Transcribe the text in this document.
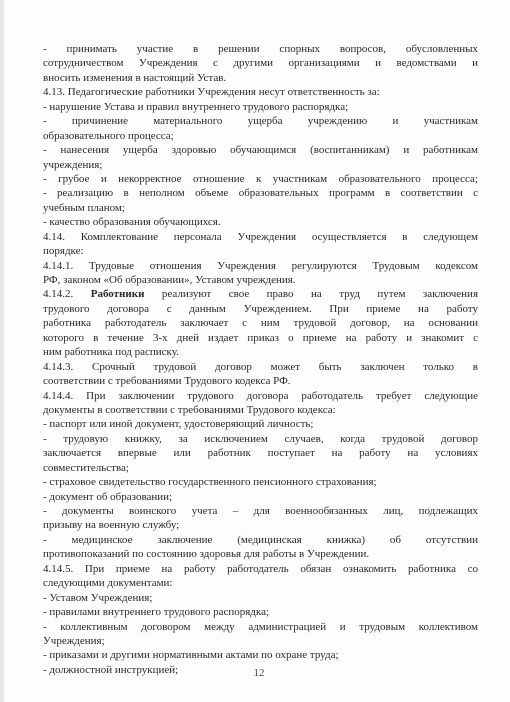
- принимать участие в решении спорных вопросов, обусловленных
сотрудничеством Учреждения с другими организациями и ведомствами и
вносить изменения в настоящий Устав.
4.13. Педагогические работники Учреждения несут ответственность за:
- нарушение Устава и правил внутреннего трудового распорядка;
- причинение материального ущерба учреждению и участникам
образовательного процесса;
- нанесения ущерба здоровью обучающимся (воспитанникам) и работникам
учреждения;
- грубое и некорректное отношение к участникам образовательного процесса;
- реализацию в неполном объеме образовательных программ в соответствии с
учебным планом;
- качество образования обучающихся.
4.14. Комплектование персонала Учреждения осуществляется в следующем
порядке:
4.14.1. Трудовые отношения Учреждения регулируются Трудовым кодексом
РФ, законом «Об образовании», Уставом учреждения.
4.14.2. Работники реализуют свое право на труд путем заключения
трудового договора с данным Учреждением. При приеме на работу
работника работодатель заключает с ним трудовой договор, на основании
которого в течение 3-х дней издает приказ о приеме на работу и знакомит с
ним работника под расписку.
4.14.3. Срочный трудовой договор может быть заключен только в
соответствии с требованиями Трудового кодекса РФ.
4.14.4. При заключении трудового договора работодатель требует следующие
документы в соответствии с требованиями Трудового кодекса:
- паспорт или иной документ, удостоверяющий личность;
- трудовую книжку, за исключением случаев, когда трудовой договор
заключается впервые или работник поступает на работу на условиях
совместительства;
- страховое свидетельство государственного пенсионного страхования;
- документ об образовании;
- документы воинского учета – для военнообязанных лиц, подлежащих
призыву на военную службу;
- медицинское заключение (медицинская книжка) об отсутствии
противопоказаний по состоянию здоровья для работы в Учреждении.
4.14.5. При приеме на работу работодатель обязан ознакомить работника со
следующими документами:
- Уставом Учреждения;
- правилами внутреннего трудового распорядка;
- коллективным договором между администрацией и трудовым коллективом
Учреждения;
- приказами и другими нормативными актами по охране труда;
- должностной инструкцией;	12
